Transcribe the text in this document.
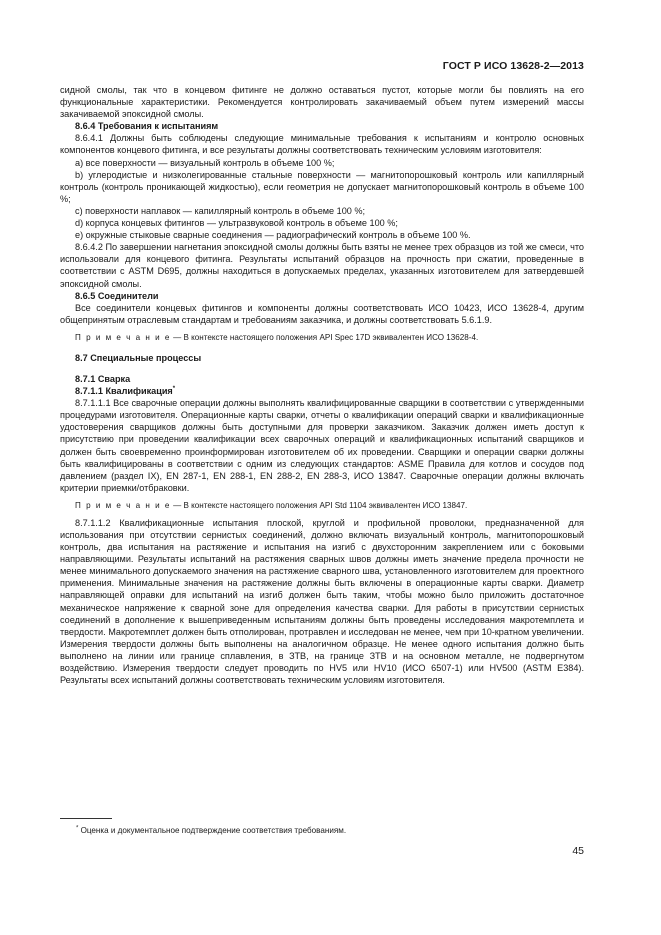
ГОСТ Р ИСО 13628-2—2013

сидной смолы, так что в концевом фитинге не должно оставаться пустот, которые могли бы повлиять на его функциональные характеристики. Рекомендуется контролировать закачиваемый объем путем измерений массы закачиваемой эпоксидной смолы.

8.6.4 Требования к испытаниям

8.6.4.1 Должны быть соблюдены следующие минимальные требования к испытаниям и контролю основных компонентов концевого фитинга, и все результаты должны соответствовать техническим условиям изготовителя:

a) все поверхности — визуальный контроль в объеме 100 %;

b) углеродистые и низколегированные стальные поверхности — магнитопорошковый контроль или капиллярный контроль (контроль проникающей жидкостью), если геометрия не допускает магнитопорошковый контроль в объеме 100 %;

c) поверхности наплавок — капиллярный контроль в объеме 100 %;

d) корпуса концевых фитингов — ультразвуковой контроль в объеме 100 %;

e) окружные стыковые сварные соединения — радиографический контроль в объеме 100 %.

8.6.4.2 По завершении нагнетания эпоксидной смолы должны быть взяты не менее трех образцов из той же смеси, что использовали для концевого фитинга. Результаты испытаний образцов на прочность при сжатии, проведенные в соответствии с ASTM D695, должны находиться в допускаемых пределах, указанных изготовителем для затвердевшей эпоксидной смолы.

8.6.5 Соединители

Все соединители концевых фитингов и компоненты должны соответствовать ИСО 10423, ИСО 13628-4, другим общепринятым отраслевым стандартам и требованиям заказчика, и должны соответствовать 5.6.1.9.

П р и м е ч а н и е — В контексте настоящего положения API Spec 17D эквивалентен ИСО 13628-4.

8.7 Специальные процессы
8.7.1 Сварка
8.7.1.1 Квалификация*

8.7.1.1.1 Все сварочные операции должны выполнять квалифицированные сварщики в соответствии с утвержденными процедурами изготовителя. Операционные карты сварки, отчеты о квалификации операций сварки и квалификационные удостоверения сварщиков должны быть доступными для проверки заказчиком. Заказчик должен иметь доступ к присутствию при проведении квалификации всех сварочных операций и квалификационных испытаний сварщиков и должен быть своевременно проинформирован изготовителем об их проведении. Сварщики и операции сварки должны быть квалифицированы в соответствии с одним из следующих стандартов: ASME Правила для котлов и сосудов под давлением (раздел IX), EN 287-1, EN 288-1, EN 288-2, EN 288-3, ИСО 13847. Сварочные операции должны включать критерии приемки/отбраковки.

П р и м е ч а н и е — В контексте настоящего положения API Std 1104 эквивалентен ИСО 13847.

8.7.1.1.2 Квалификационные испытания плоской, круглой и профильной проволоки, предназначенной для использования при отсутствии сернистых соединений, должно включать визуальный контроль, магнитопорошковый контроль, два испытания на растяжение и испытания на изгиб с двухсторонним закреплением или с боковыми направляющими. Результаты испытаний на растяжения сварных швов должны иметь значение предела прочности не менее минимального допускаемого значения на растяжение сварного шва, установленного изготовителем для проектного применения. Минимальные значения на растяжение должны быть включены в операционные карты сварки. Диаметр направляющей оправки для испытаний на изгиб должен быть таким, чтобы можно было приложить достаточное механическое напряжение к сварной зоне для определения качества сварки. Для работы в присутствии сернистых соединений в дополнение к вышеприведенным испытаниям должны быть проведены исследования макротемплета и твердости. Макротемплет должен быть отполирован, протравлен и исследован не менее, чем при 10-кратном увеличении. Измерения твердости должны быть выполнены на аналогичном образце. Не менее одного испытания должно быть выполнено на линии или границе сплавления, в ЗТВ, на границе ЗТВ и на основном металле, не подвергнутом воздействию. Измерения твердости следует проводить по HV5 или HV10 (ИСО 6507-1) или HV500 (ASTM E384). Результаты всех испытаний должны соответствовать техническим условиям изготовителя.

* Оценка и документальное подтверждение соответствия требованиям.
45
